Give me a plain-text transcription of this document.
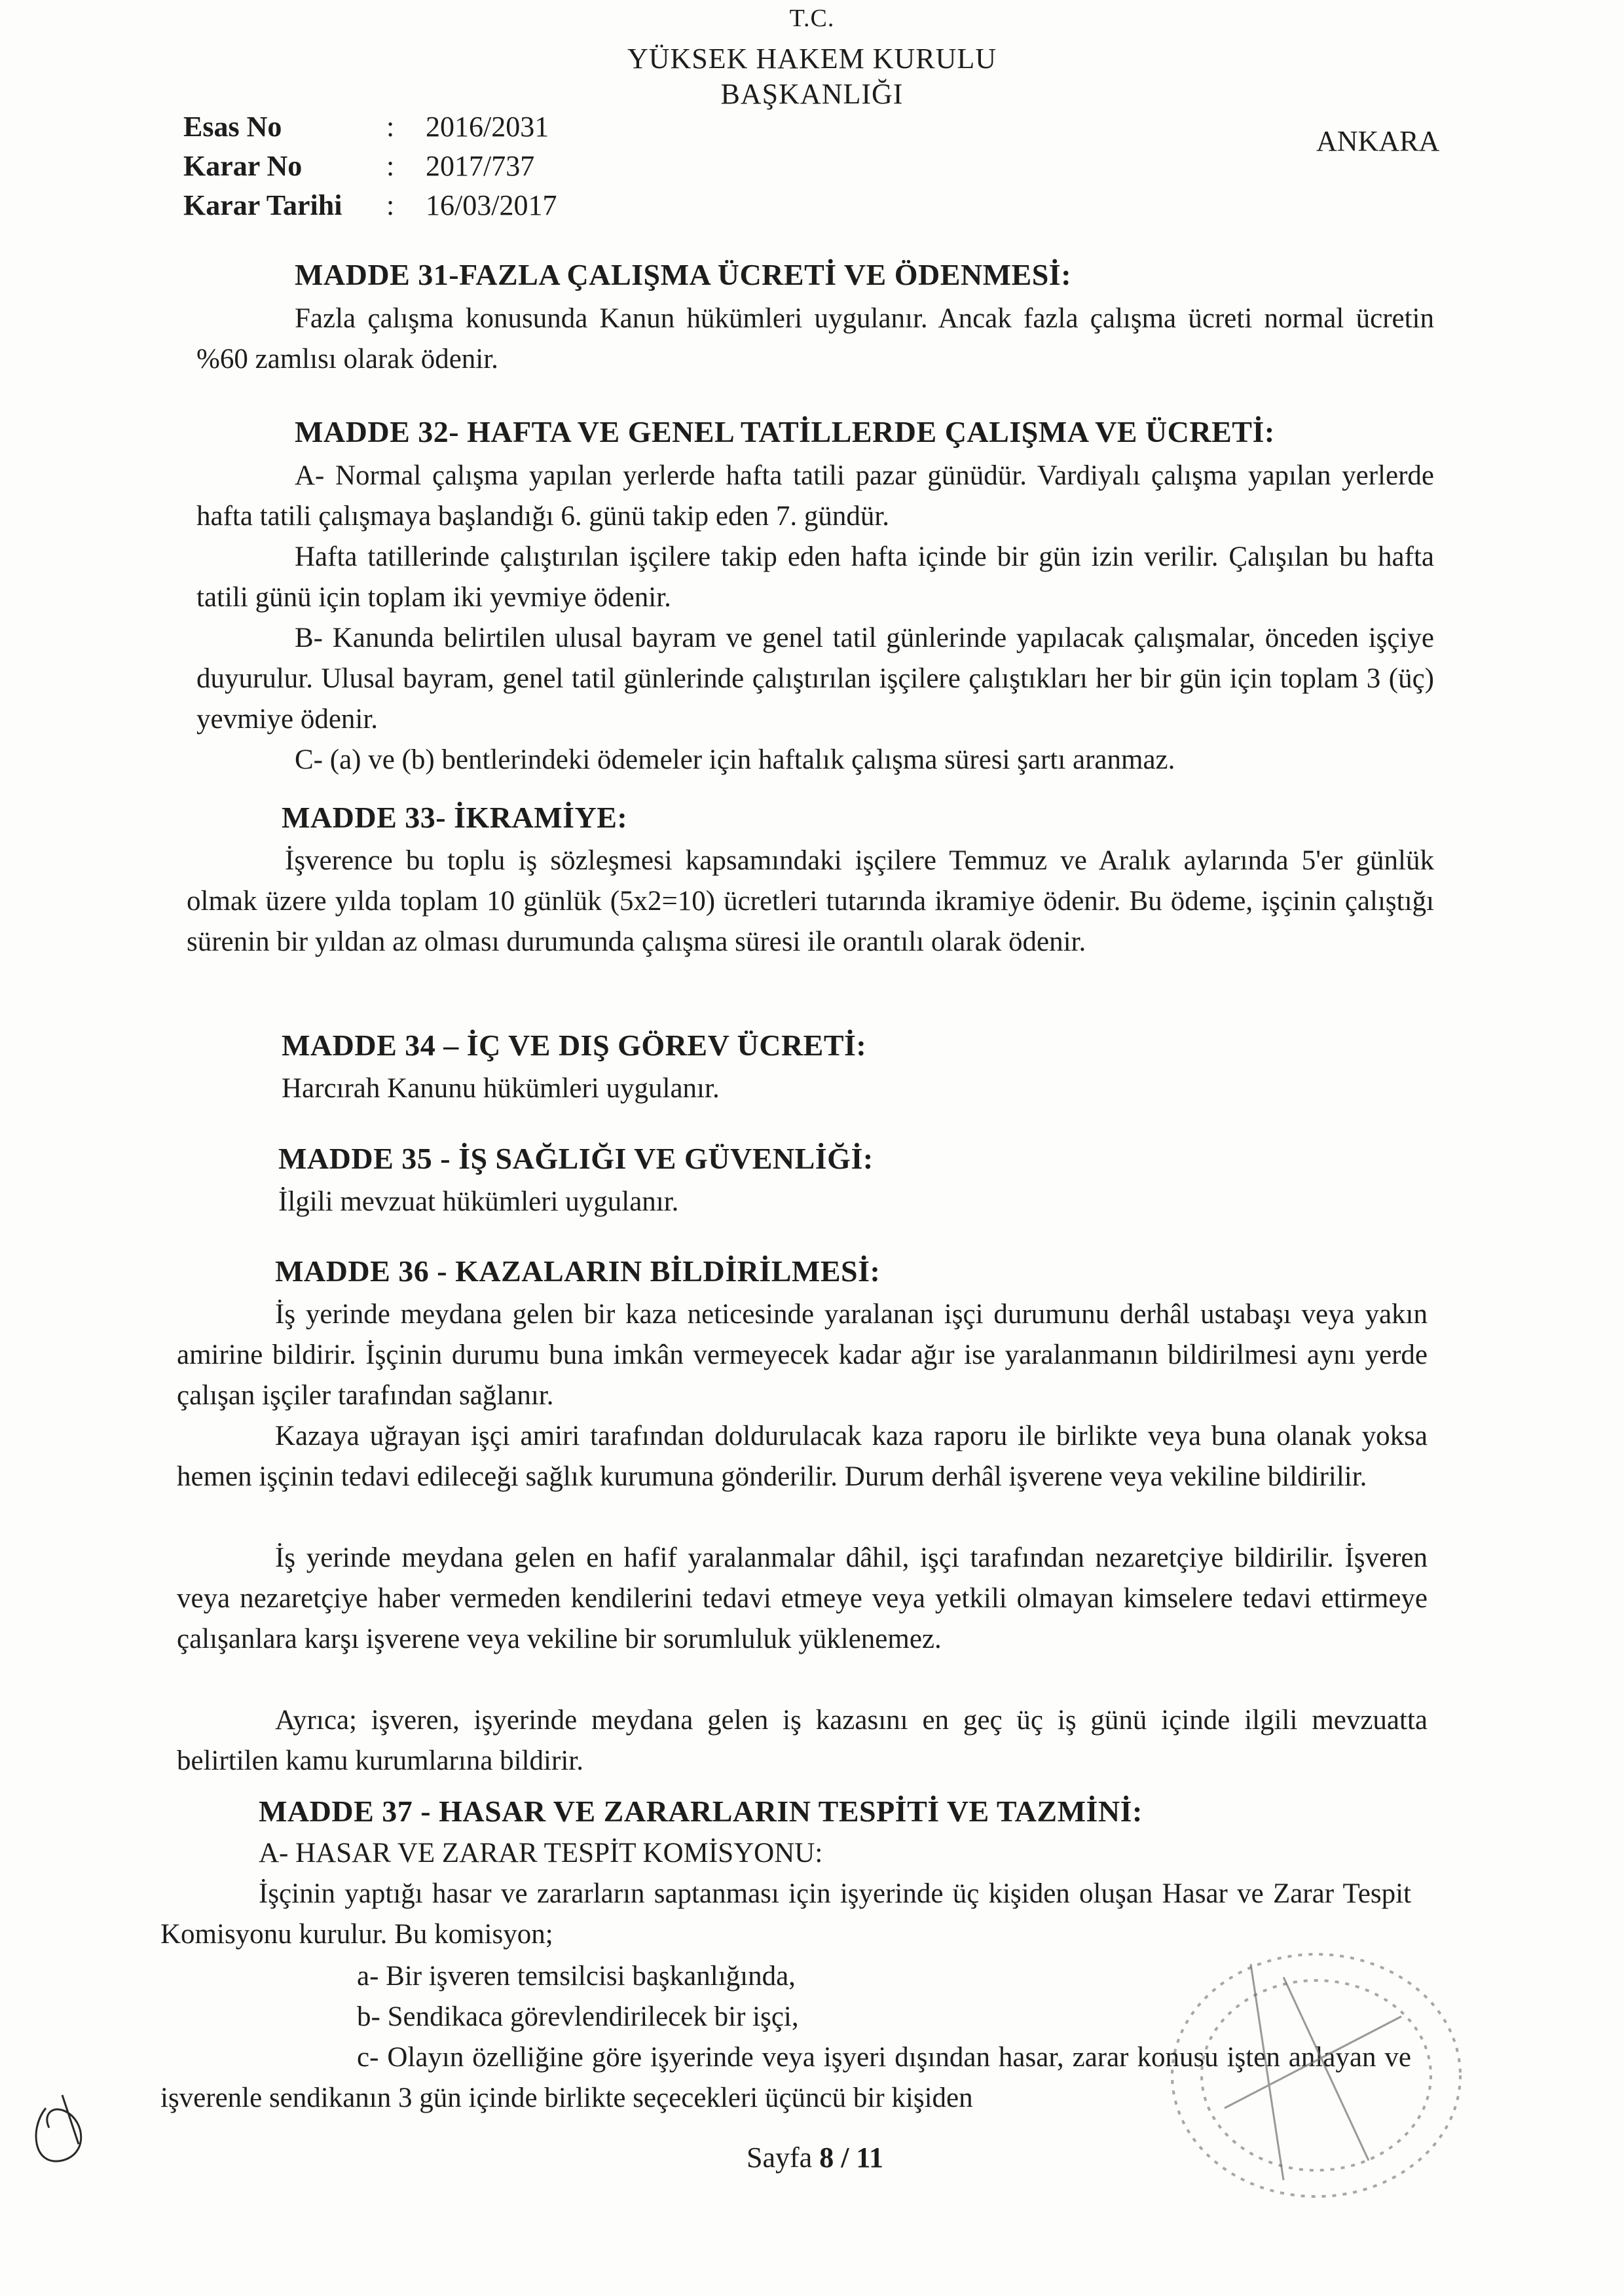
T.C.
YÜKSEK HAKEM KURULU
BAŞKANLIĞI
ANKARA
Esas No	: 2016/2031
Karar No	: 2017/737
Karar Tarihi : 16/03/2017
MADDE 31-FAZLA ÇALIŞMA ÜCRETİ VE ÖDENMESİ:
Fazla çalışma konusunda Kanun hükümleri uygulanır. Ancak fazla çalışma ücreti normal ücretin %60 zamlısı olarak ödenir.
MADDE 32- HAFTA VE GENEL TATİLLERDE ÇALIŞMA VE ÜCRETİ:
A- Normal çalışma yapılan yerlerde hafta tatili pazar günüdür. Vardiyalı çalışma yapılan yerlerde hafta tatili çalışmaya başlandığı 6. günü takip eden 7. gündür.
Hafta tatillerinde çalıştırılan işçilere takip eden hafta içinde bir gün izin verilir. Çalışılan bu hafta tatili günü için toplam iki yevmiye ödenir.
B- Kanunda belirtilen ulusal bayram ve genel tatil günlerinde yapılacak çalışmalar, önceden işçiye duyurulur. Ulusal bayram, genel tatil günlerinde çalıştırılan işçilere çalıştıkları her bir gün için toplam 3 (üç) yevmiye ödenir.
C- (a) ve (b) bentlerindeki ödemeler için haftalık çalışma süresi şartı aranmaz.
MADDE 33- İKRAMİYE:
İşverence bu toplu iş sözleşmesi kapsamındaki işçilere Temmuz ve Aralık aylarında 5'er günlük olmak üzere yılda toplam 10 günlük (5x2=10) ücretleri tutarında ikramiye ödenir. Bu ödeme, işçinin çalıştığı sürenin bir yıldan az olması durumunda çalışma süresi ile orantılı olarak ödenir.
MADDE 34 – İÇ VE DIŞ GÖREV ÜCRETİ:
Harcırah Kanunu hükümleri uygulanır.
MADDE 35 - İŞ SAĞLIĞI VE GÜVENLİĞİ:
İlgili mevzuat hükümleri uygulanır.
MADDE 36 - KAZALARIN BİLDİRİLMESİ:
İş yerinde meydana gelen bir kaza neticesinde yaralanan işçi durumunu derhâl ustabaşı veya yakın amirine bildirir. İşçinin durumu buna imkân vermeyecek kadar ağır ise yaralanmanın bildirilmesi aynı yerde çalışan işçiler tarafından sağlanır.
Kazaya uğrayan işçi amiri tarafından doldurulacak kaza raporu ile birlikte veya buna olanak yoksa hemen işçinin tedavi edileceği sağlık kurumuna gönderilir. Durum derhâl işverene veya vekiline bildirilir.
İş yerinde meydana gelen en hafif yaralanmalar dâhil, işçi tarafından nezaretçiye bildirilir. İşveren veya nezaretçiye haber vermeden kendilerini tedavi etmeye veya yetkili olmayan kimselere tedavi ettirmeye çalışanlara karşı işverene veya vekiline bir sorumluluk yüklenemez.
Ayrıca; işveren, işyerinde meydana gelen iş kazasını en geç üç iş günü içinde ilgili mevzuatta belirtilen kamu kurumlarına bildirir.
MADDE 37 - HASAR VE ZARARLARIN TESPİTİ VE TAZMİNİ:
A- HASAR VE ZARAR TESPİT KOMİSYONU:
İşçinin yaptığı hasar ve zararların saptanması için işyerinde üç kişiden oluşan Hasar ve Zarar Tespit Komisyonu kurulur. Bu komisyon;
a- Bir işveren temsilcisi başkanlığında,
b- Sendikaca görevlendirilecek bir işçi,
c- Olayın özelliğine göre işyerinde veya işyeri dışından hasar, zarar konusu işten anlayan ve işverenle sendikanın 3 gün içinde birlikte seçecekleri üçüncü bir kişiden
Sayfa 8 / 11
